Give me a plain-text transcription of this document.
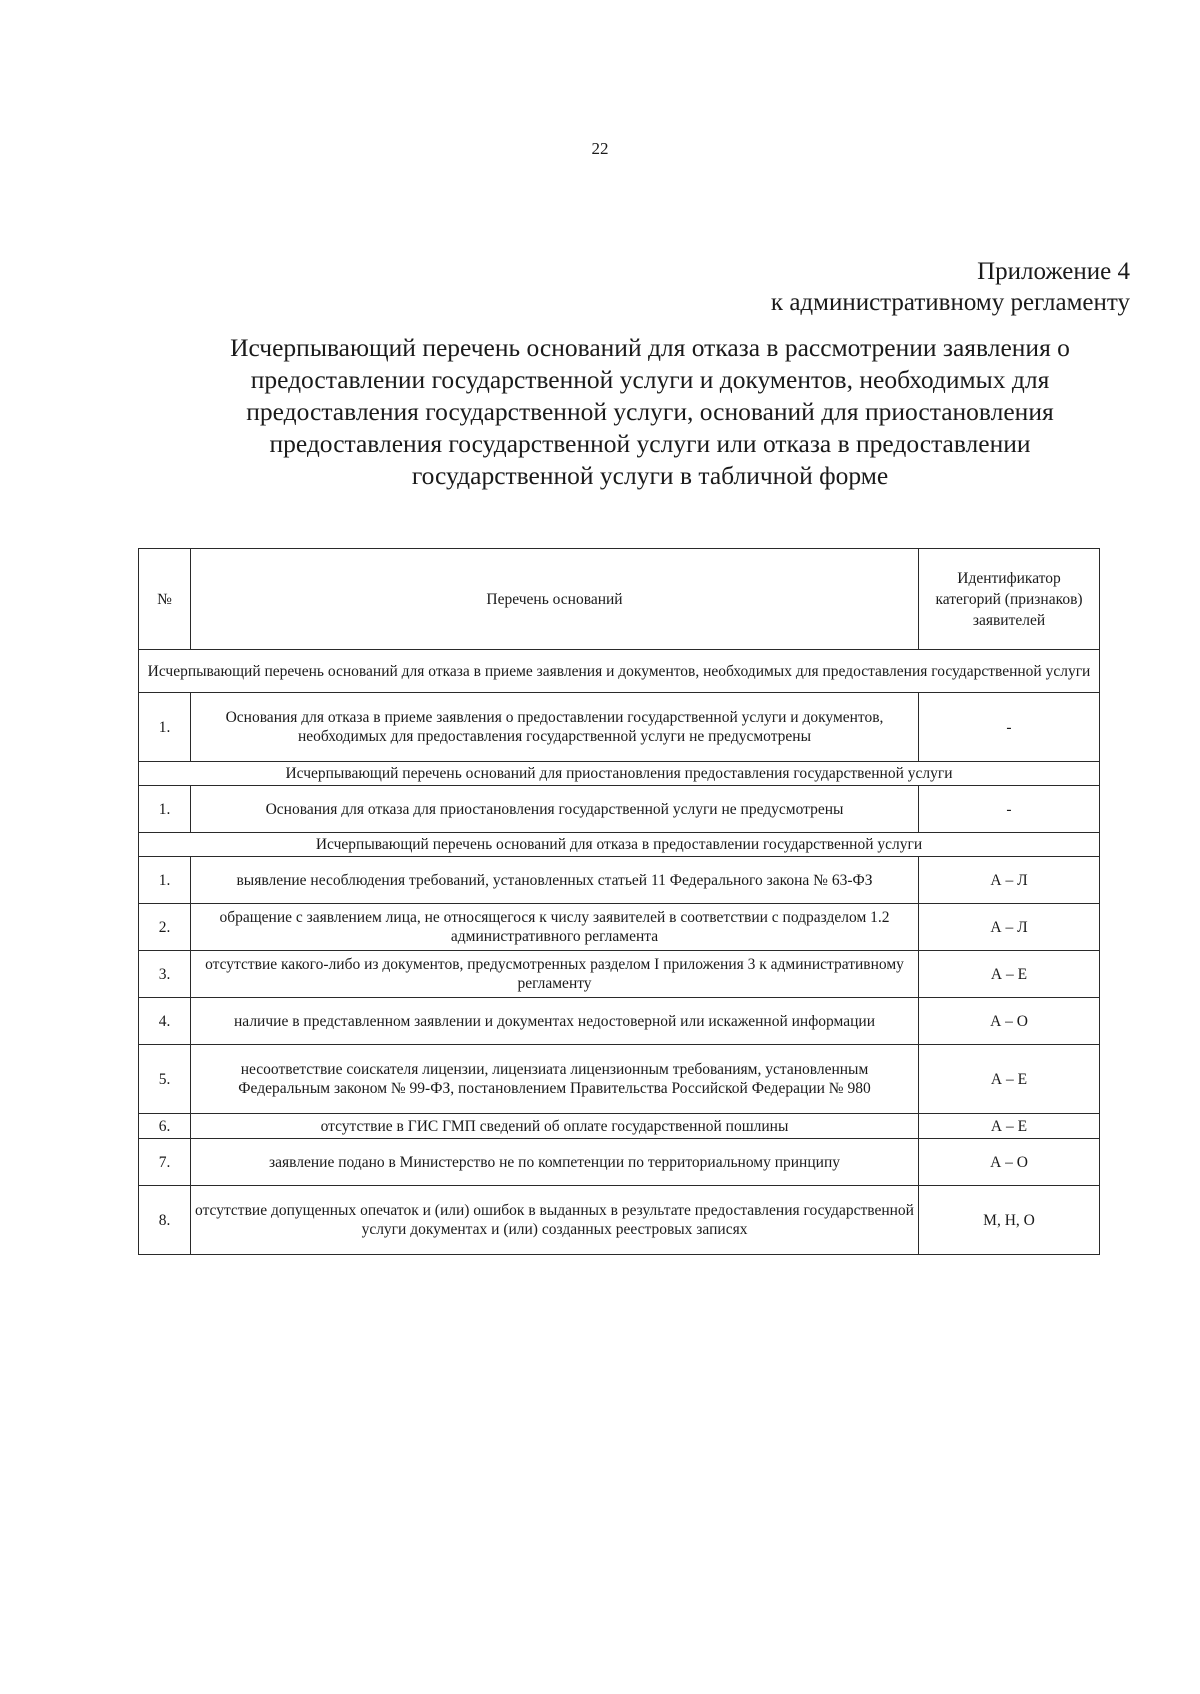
22
Приложение 4
к административному регламенту
Исчерпывающий перечень оснований для отказа в рассмотрении заявления о
предоставлении государственной услуги и документов, необходимых для
предоставления государственной услуги, оснований для приостановления
предоставления государственной услуги или отказа в предоставлении
государственной услуги в табличной форме
№	Перечень оснований	Идентификатор категорий (признаков) заявителей
Исчерпывающий перечень оснований для отказа в приеме заявления и документов, необходимых для предоставления государственной услуги		
1.	Основания для отказа в приеме заявления о предоставлении государственной услуги и документов, необходимых для предоставления государственной услуги не предусмотрены	-
Исчерпывающий перечень оснований для приостановления предоставления государственной услуги		
1.	Основания для отказа для приостановления государственной услуги не предусмотрены	-
Исчерпывающий перечень оснований для отказа в предоставлении государственной услуги		
1.	выявление несоблюдения требований, установленных статьей 11 Федерального закона № 63-ФЗ	А – Л
2.	обращение с заявлением лица, не относящегося к числу заявителей в соответствии с подразделом 1.2 административного регламента	А – Л
3.	отсутствие какого-либо из документов, предусмотренных разделом I приложения 3 к административному регламенту	А – Е
4.	наличие в представленном заявлении и документах недостоверной или искаженной информации	А – О
5.	несоответствие соискателя лицензии, лицензиата лицензионным требованиям, установленным Федеральным законом № 99-ФЗ, постановлением Правительства Российской Федерации № 980	А – Е
6.	отсутствие в ГИС ГМП сведений об оплате государственной пошлины	А – Е
7.	заявление подано в Министерство не по компетенции по территориальному принципу	А – О
8.	отсутствие допущенных опечаток и (или) ошибок в выданных в результате предоставления государственной услуги документах и (или) созданных реестровых записях	М, Н, О
